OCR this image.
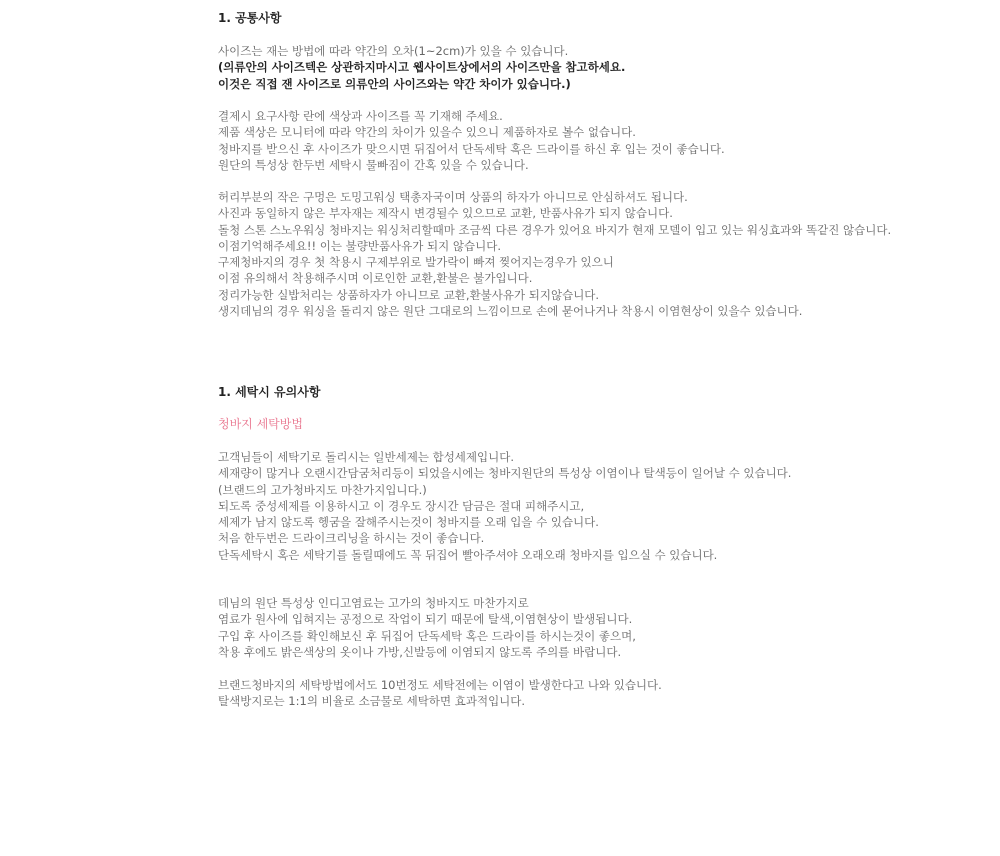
1. 공통사항
사이즈는 재는 방법에 따라 약간의 오차(1~2cm)가 있을 수 있습니다.
(의류안의 사이즈텍은 상관하지마시고 웹사이트상에서의 사이즈만을 참고하세요.
이것은 직접 잰 사이즈로 의류안의 사이즈와는 약간 차이가 있습니다.)
결제시 요구사항 란에 색상과 사이즈를 꼭 기재해 주세요.
제품 색상은 모니터에 따라 약간의 차이가 있을수 있으니 제품하자로 볼수 없습니다.
청바지를 받으신 후 사이즈가 맞으시면 뒤집어서 단독세탁 혹은 드라이를 하신 후 입는 것이 좋습니다.
원단의 특성상 한두번 세탁시 물빠짐이 간혹 있을 수 있습니다.
허리부분의 작은 구멍은 도밍고워싱 택총자국이며 상품의 하자가 아니므로 안심하셔도 됩니다.
사진과 동일하지 않은 부자재는 제작시 변경될수 있으므로 교환, 반품사유가 되지 않습니다.
돌청 스톤 스노우워싱 청바지는 워싱처리할때마 조금씩 다른 경우가 있어요 바지가 현재 모델이 입고 있는 워싱효과와 똑같진 않습니다.
이점기억해주세요!! 이는 불량반품사유가 되지 않습니다.
구제청바지의 경우 첫 착용시 구제부위로 발가락이 빠져 찢어지는경우가 있으니
이점 유의해서 착용해주시며 이로인한 교환,환불은 불가입니다.
정리가능한 실밥처리는 상품하자가 아니므로 교환,환불사유가 되지않습니다.
생지데님의 경우 워싱을 돌리지 않은 원단 그대로의 느낌이므로 손에 묻어나거나 착용시 이염현상이 있을수 있습니다.
1. 세탁시 유의사항
청바지 세탁방법
고객님들이 세탁기로 돌리시는 일반세제는 합성세제입니다.
세재량이 많거나 오랜시간담굼처리등이 되었을시에는 청바지원단의 특성상 이염이나 탈색등이 일어날 수 있습니다.
(브랜드의 고가청바지도 마찬가지입니다.)
되도록 중성세제를 이용하시고 이 경우도 장시간 담금은 절대 피해주시고,
세제가 남지 않도록 헹굼을 잘해주시는것이 청바지를 오래 입을 수 있습니다.
처음 한두번은 드라이크리닝을 하시는 것이 좋습니다.
단독세탁시 혹은 세탁기를 돌릴때에도 꼭 뒤집어 빨아주셔야 오래오래 청바지를 입으실 수 있습니다.
데님의 원단 특성상 인디고염료는 고가의 청바지도 마찬가지로
염료가 원사에 입혀지는 공정으로 작업이 되기 때문에 탈색,이염현상이 발생됩니다.
구입 후 사이즈를 확인해보신 후 뒤집어 단독세탁 혹은 드라이를 하시는것이 좋으며,
착용 후에도 밝은색상의 옷이나 가방,신발등에 이염되지 않도록 주의를 바랍니다.
브랜드청바지의 세탁방법에서도 10번정도 세탁전에는 이염이 발생한다고 나와 있습니다.
탈색방지로는 1:1의 비율로 소금물로 세탁하면 효과적입니다.
